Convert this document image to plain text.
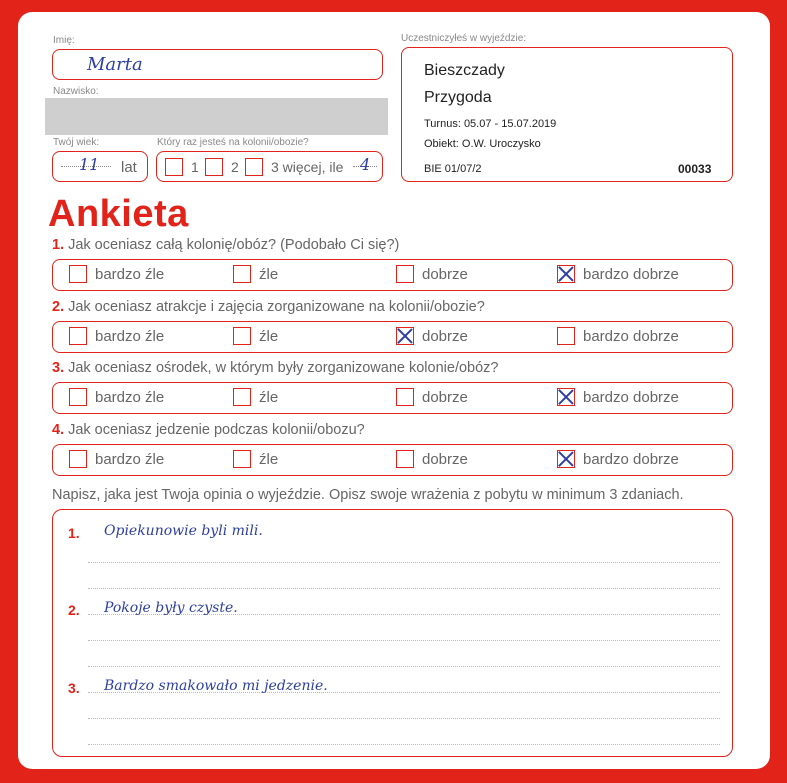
Imię:
Marta
Nazwisko:
Twój wiek:
11 lat
Który raz jesteś na kolonii/obozie?
1 2 3 więcej, ile 4
Uczestniczyłeś w wyjeździe:
Bieszczady
Przygoda
Turnus: 05.07 - 15.07.2019
Obiekt: O.W. Uroczysko
BIE 01/07/2	00033
Ankieta
1. Jak oceniasz całą kolonię/obóz? (Podobało Ci się?)
bardzo źle	źle	dobrze	bardzo dobrze
2. Jak oceniasz atrakcje i zajęcia zorganizowane na kolonii/obozie?
bardzo źle	źle	dobrze	bardzo dobrze
3. Jak oceniasz ośrodek, w którym były zorganizowane kolonie/obóz?
bardzo źle	źle	dobrze	bardzo dobrze
4. Jak oceniasz jedzenie podczas kolonii/obozu?
bardzo źle	źle	dobrze	bardzo dobrze
Napisz, jaka jest Twoja opinia o wyjeździe. Opisz swoje wrażenia z pobytu w minimum 3 zdaniach.
1. Opiekunowie byli mili.
2. Pokoje były czyste.
3. Bardzo smakowało mi jedzenie.
